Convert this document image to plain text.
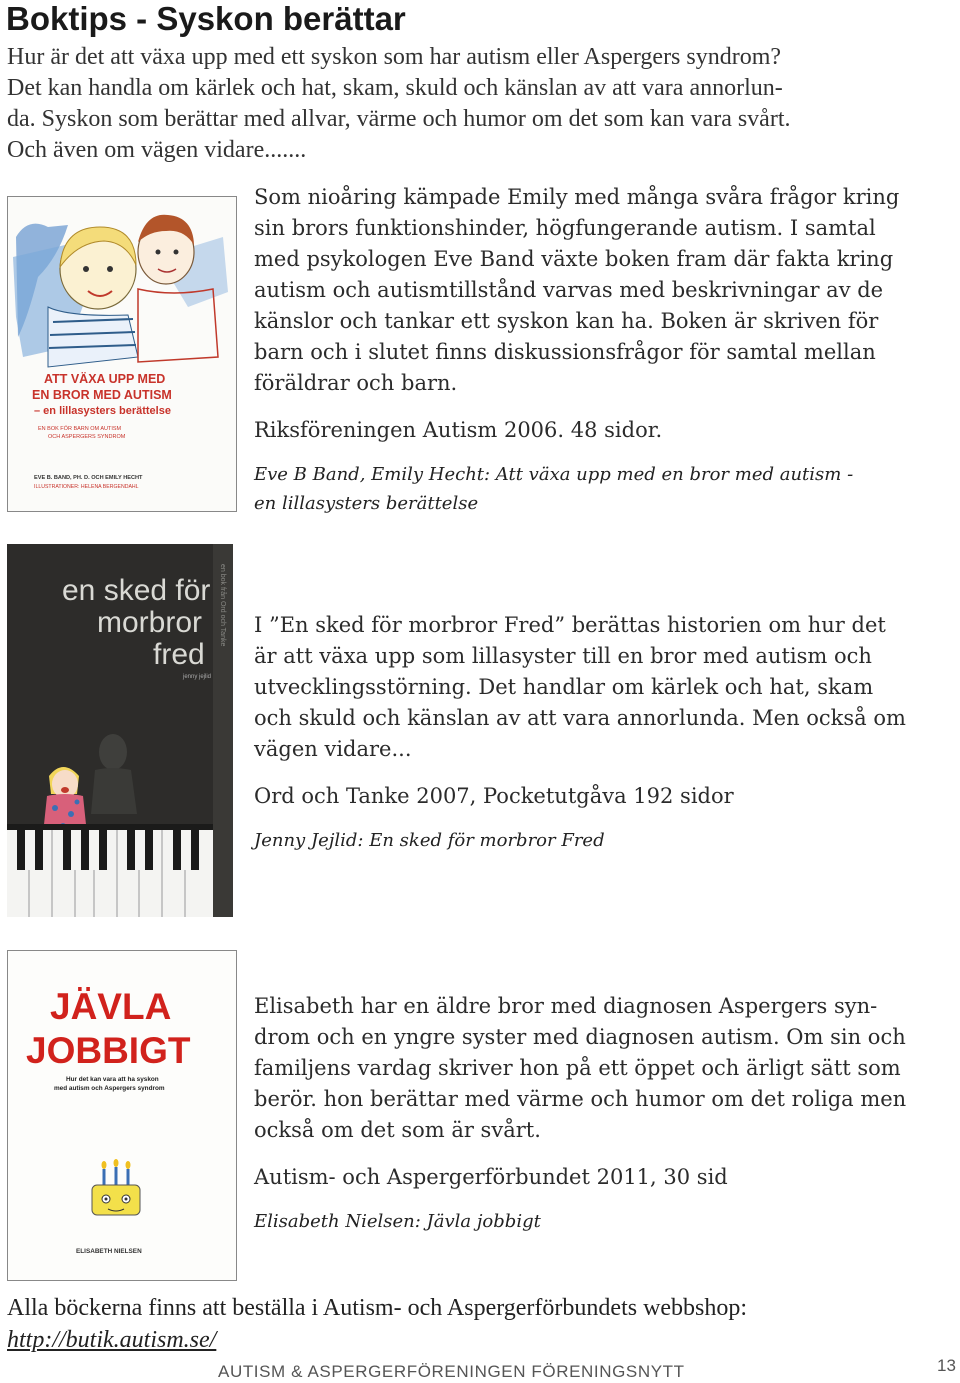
Boktips - Syskon berättar

Hur är det att växa upp med ett syskon som har autism eller Aspergers syndrom?
Det kan handla om kärlek och hat, skam, skuld och känslan av att vara annorlun-
da. Syskon som berättar med allvar, värme och humor om det som kan vara svårt.
Och även om vägen vidare.......

ATT VÄXA UPP MED
EN BROR MED AUTISM
– en lillasysters berättelse
EN BOK FÖR BARN OM AUTISM
OCH ASPERGERS SYNDROM
EVE B. BAND, PH. D. OCH EMILY HECHT
ILLUSTRATIONER: HELENA BERGENDAHL

Som nioåring kämpade Emily med många svåra frågor kring
sin brors funktionshinder, högfungerande autism. I samtal
med psykologen Eve Band växte boken fram där fakta kring
autism och autismtillstånd varvas med beskrivningar av de
känslor och tankar ett syskon kan ha. Boken är skriven för
barn och i slutet finns diskussionsfrågor för samtal mellan
föräldrar och barn.

Riksföreningen Autism 2006. 48 sidor.

Eve B Band, Emily Hecht: Att växa upp med en bror med autism -
en lillasysters berättelse

en bok från Ord och Tanke
en sked för
morbror
fred
jenny jejlid

I ”En sked för morbror Fred” berättas historien om hur det
är att växa upp som lillasyster till en bror med autism och
utvecklingsstörning. Det handlar om kärlek och hat, skam
och skuld och känslan av att vara annorlunda. Men också om
vägen vidare...

Ord och Tanke 2007, Pocketutgåva 192 sidor

Jenny Jejlid: En sked för morbror Fred

JÄVLA
JOBBIGT
Hur det kan vara att ha syskon
med autism och Aspergers syndrom
ELISABETH NIELSEN

Elisabeth har en äldre bror med diagnosen Aspergers syn-
drom och en yngre syster med diagnosen autism. Om sin och
familjens vardag skriver hon på ett öppet och ärligt sätt som
berör. hon berättar med värme och humor om det roliga men
också om det som är svårt.

Autism- och Aspergerförbundet 2011, 30 sid

Elisabeth Nielsen: Jävla jobbigt

Alla böckerna finns att beställa i Autism- och Aspergerförbundets webbshop:

http://butik.autism.se/
AUTISM & ASPERGERFÖRENINGEN FÖRENINGSNYTT	13
